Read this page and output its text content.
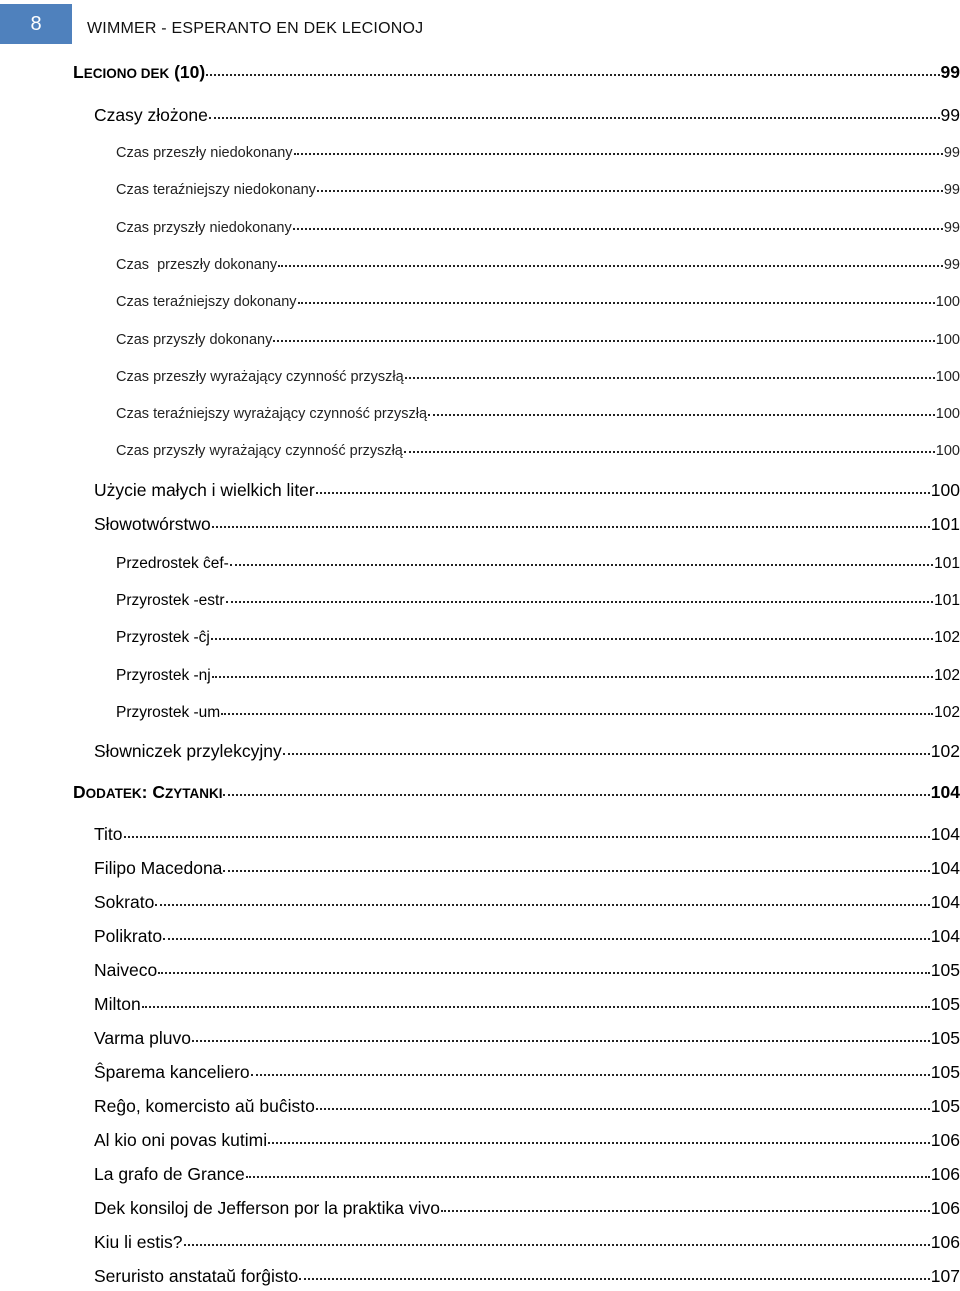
8	WIMMER - ESPERANTO EN DEK LECIONOJ
LECIONO DEK (10)	99
Czasy złożone	99
Czas przeszły niedokonany	99
Czas teraźniejszy niedokonany	99
Czas przyszły niedokonany	99
Czas  przeszły dokonany	99
Czas teraźniejszy dokonany	100
Czas przyszły dokonany	100
Czas przeszły wyrażający czynność przyszłą	100
Czas teraźniejszy wyrażający czynność przyszłą	100
Czas przyszły wyrażający czynność przyszłą	100
Użycie małych i wielkich liter	100
Słowotwórstwo	101
Przedrostek ĉef-	101
Przyrostek -estr	101
Przyrostek -ĉj	102
Przyrostek -nj	102
Przyrostek -um	102
Słowniczek przylekcyjny	102
DODATEK: CZYTANKI	104
Tito	104
Filipo Macedona	104
Sokrato	104
Polikrato	104
Naiveco	105
Milton	105
Varma pluvo	105
Ŝparema kanceliero	105
Reĝo, komercisto aŭ buĉisto	105
Al kio oni povas kutimi	106
La grafo de Grance	106
Dek konsiloj de Jefferson por la praktika vivo	106
Kiu li estis?	106
Seruristo anstataŭ forĝisto	107
